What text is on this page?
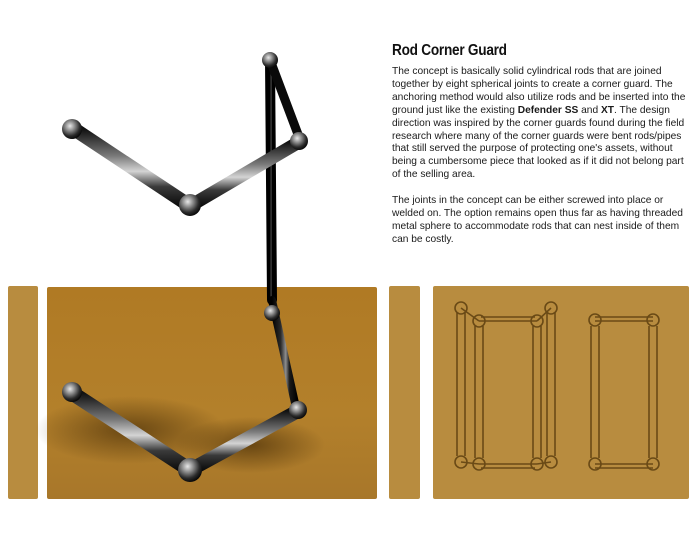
Rod Corner Guard

The concept is basically solid cylindrical rods that are joined together by eight spherical joints to create a corner guard. The anchoring method would also utilize rods and be inserted into the ground just like the existing Defender SS and XT. The design direction was inspired by the corner guards found during the field research where many of the corner guards were bent rods/pipes that still served the purpose of protecting one's assets, without being a cumbersome piece that looked as if it did not belong part of the selling area.

The joints in the concept can be either screwed into place or welded on. The option remains open thus far as having threaded metal sphere to accommodate rods that can nest inside of them can be costly.
